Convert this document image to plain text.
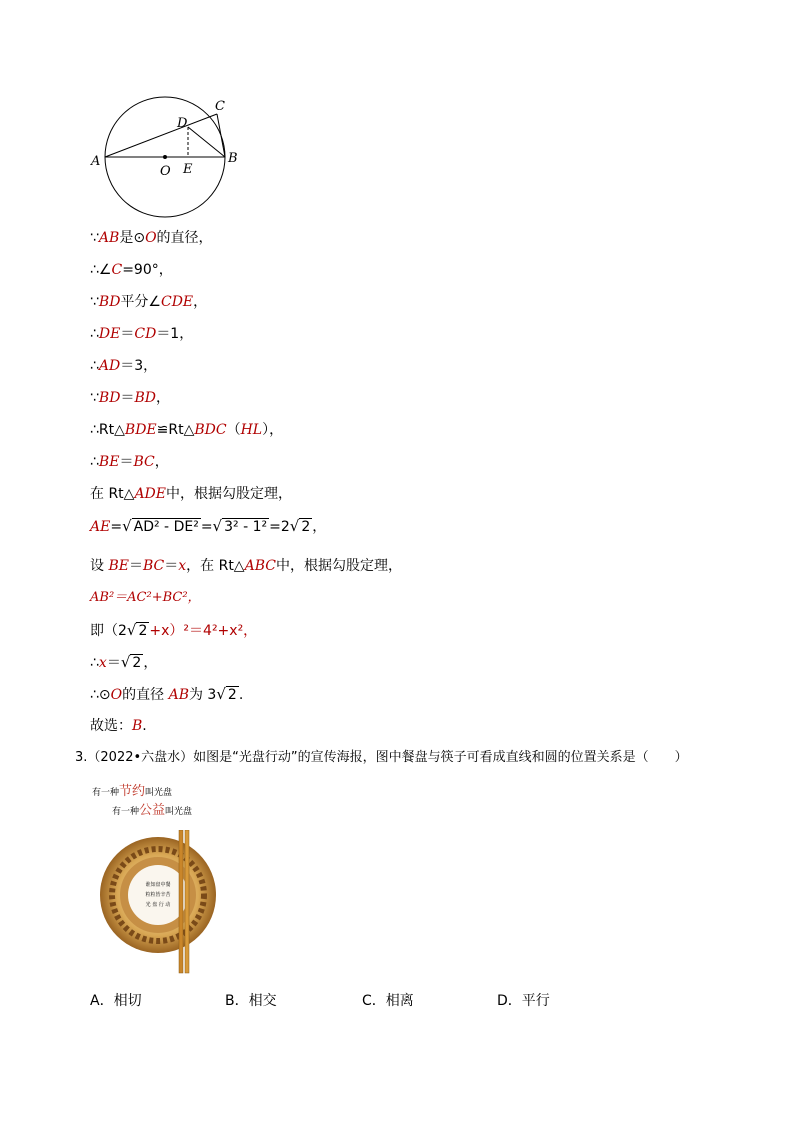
A	B
C
D
E
O
∵AB是⊙O的直径，
∴∠C=90°，
∵BD平分∠CDE，
∴DE＝CD＝1，
∴AD＝3，
∵BD＝BD，
∴Rt△BDE≌Rt△BDC（HL），
∴BE＝BC，
在 Rt△ADE中，根据勾股定理，
AE=√ AD² - DE² =√ 3² - 1² =2√ 2 ，
设 BE＝BC＝x，在 Rt△ABC中，根据勾股定理，
AB²＝AC²+BC²，
即（2√ 2 +x）²＝4²+x²，
∴x＝√ 2 ，
∴⊙O的直径 AB为 3√ 2 .
故选：B.
3.（2022•六盘水）如图是“光盘行动”的宣传海报，图中餐盘与筷子可看成直线和圆的位置关系是（　　）
有一种节约叫光盘
有一种公益叫光盘
谁知盘中餐
粒粒皆辛苦
光 盘 行 动
A．相切	B．相交	C．相离	D．平行
